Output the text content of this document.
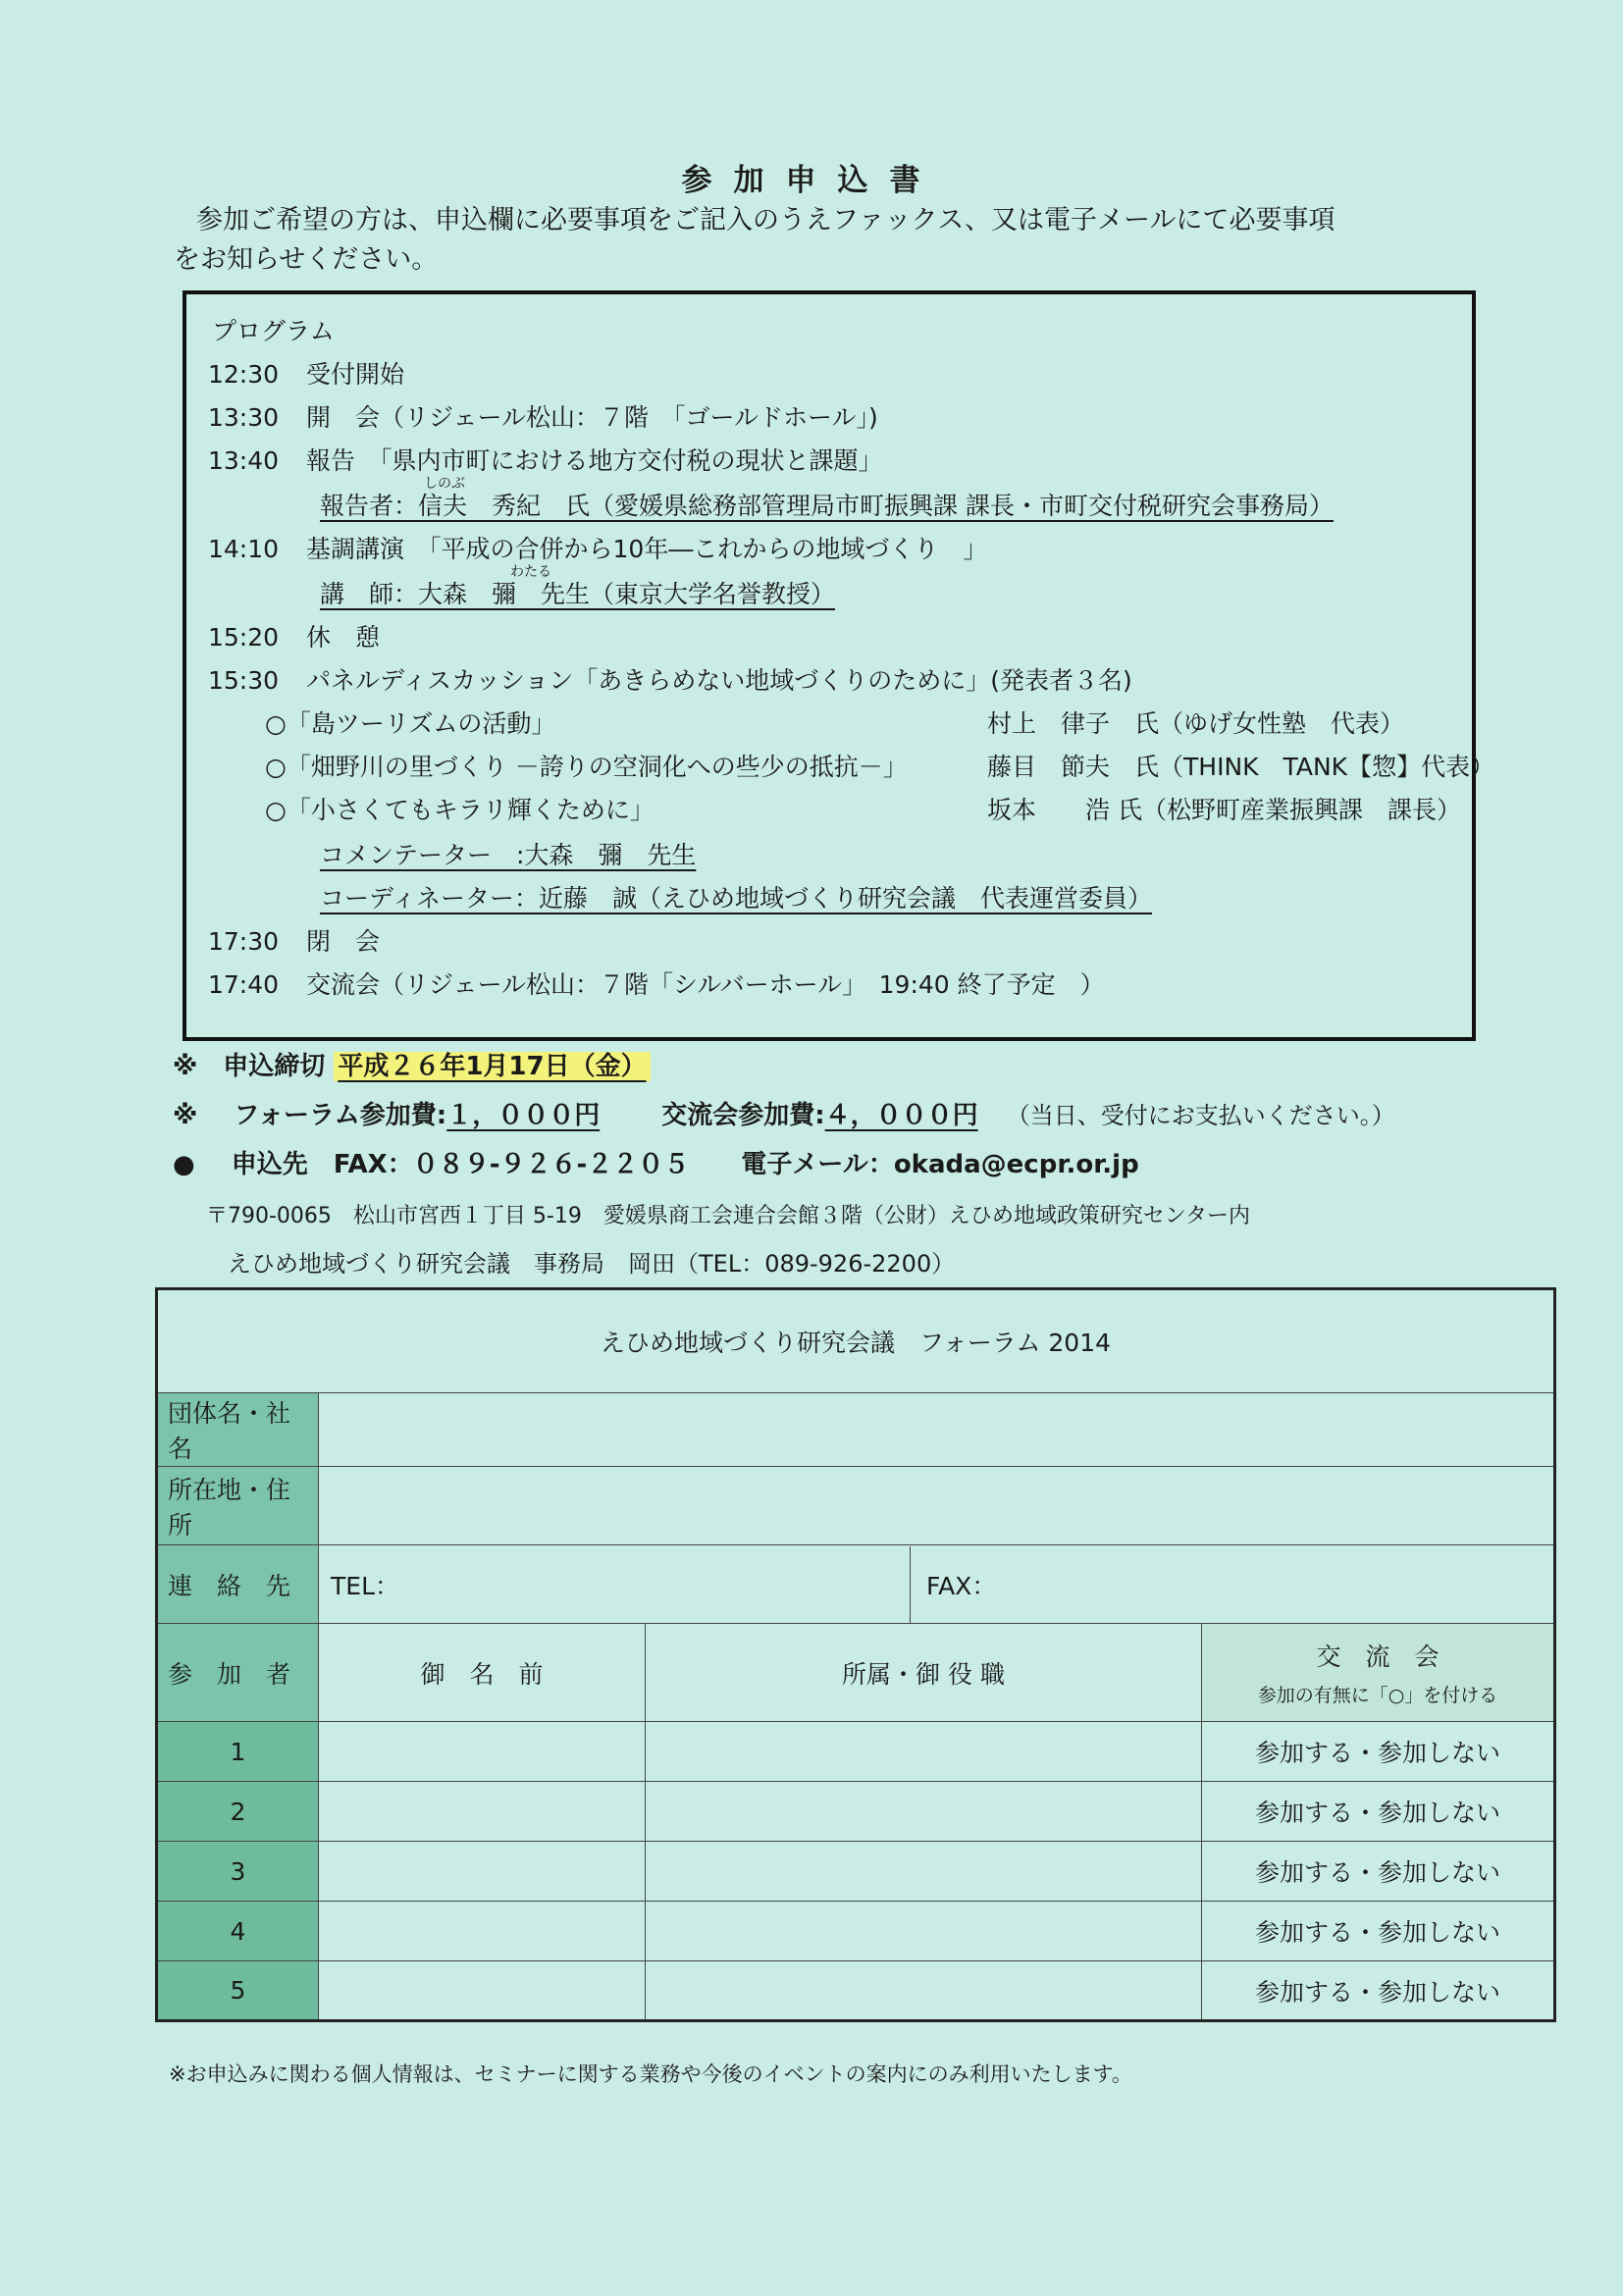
参加申込書
参加ご希望の方は、申込欄に必要事項をご記入のうえファックス、又は電子メールにて必要事項
をお知らせください。
プログラム
12:30 受付開始
13:30 開　会（リジェール松山：７階　「ゴールドホール」)
13:40 報告　「県内市町における地方交付税の現状と課題」
しのぶ
報告者：信夫　秀紀　氏（愛媛県総務部管理局市町振興課 課長・市町交付税研究会事務局）
14:10 基調講演　「平成の合併から10年―これからの地域づくり　」
わたる
講　師：大森　彌　先生（東京大学名誉教授）
15:20 休　憩
15:30 パネルディスカッション「あきらめない地域づくりのために」(発表者３名)
○「島ツーリズムの活動」	村上　律子　氏（ゆげ女性塾　代表）
○「畑野川の里づくり －誇りの空洞化への些少の抵抗－」	藤目　節夫　氏（THINK　TANK【惣】代表）
○「小さくてもキラリ輝くために」	坂本　　浩 氏（松野町産業振興課　課長）
コメンテーター　:大森　彌　先生
コーディネーター：近藤　誠（えひめ地域づくり研究会議　代表運営委員）
17:30 閉　会
17:40 交流会（リジェール松山：７階「シルバーホール」　19:40 終了予定　）
※　申込締切 平成２６年1月17日（金）
※ フォーラム参加費:１，０００円 交流会参加費:４，０００円 （当日、受付にお支払いください。）
● 申込先　FAX：０８９-９２６-２２０５ 電子メール：okada@ecpr.or.jp
〒790-0065　松山市宮西１丁目 5-19　愛媛県商工会連合会館３階（公財）えひめ地域政策研究センター内
えひめ地域づくり研究会議　事務局　岡田（TEL：089-926-2200）
えひめ地域づくり研究会議　フォーラム 2014			
団体名・社名			
所在地・住所			
連　絡　先	TEL： FAX：		

参　加　者	御　名　前	所属・御 役 職	交　流　会
参加の有無に「○」を付ける

1			参加する・参加しない
2			参加する・参加しない
3			参加する・参加しない
4			参加する・参加しない
5			参加する・参加しない
※お申込みに関わる個人情報は、セミナーに関する業務や今後のイベントの案内にのみ利用いたします。
